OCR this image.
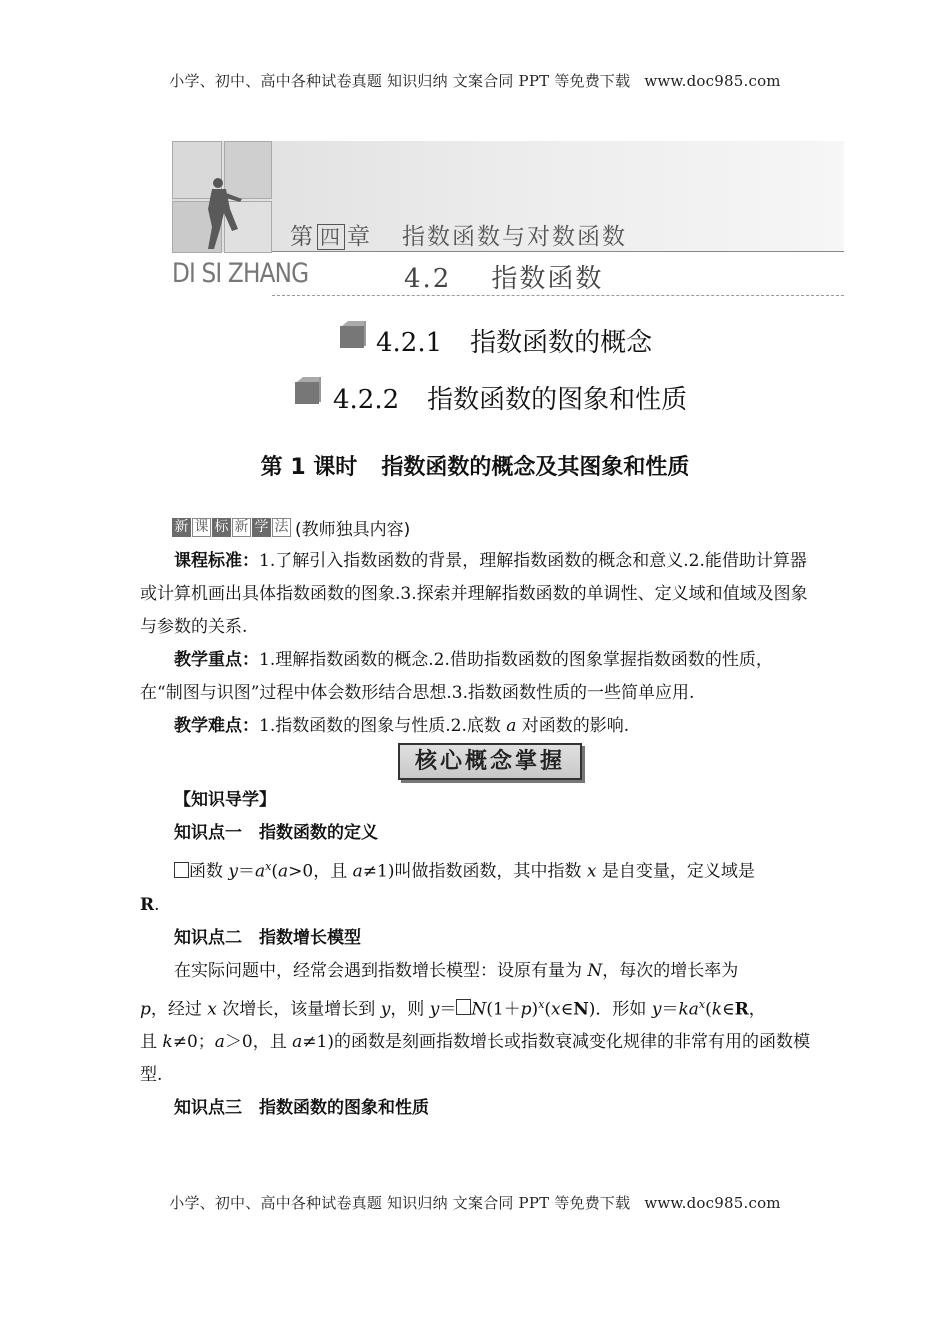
小学、初中、高中各种试卷真题 知识归纳 文案合同 PPT 等免费下载 www.doc985.com
第 四 章 指数函数与对数函数
DI SI ZHANG	4.2 指数函数
4.2.1 指数函数的概念
4.2.2 指数函数的图象和性质
第 1 课时 指数函数的概念及其图象和性质
新 课 标 新 学 法 (教师独具内容)

课程标准：1.了解引入指数函数的背景，理解指数函数的概念和意义.2.能借助计算器或计算机画出具体指数函数的图象.3.探索并理解指数函数的单调性、定义域和值域及图象与参数的关系.

教学重点：1.理解指数函数的概念.2.借助指数函数的图象掌握指数函数的性质，在“制图与识图”过程中体会数形结合思想.3.指数函数性质的一些简单应用.

教学难点：1.指数函数的图象与性质.2.底数 a 对函数的影响.

核心概念掌握

【知识导学】

知识点一　指数函数的定义

函数 $y=a^x(a>0$，且 a≠1)叫做指数函数，其中指数 x 是自变量，定义域是
R.

知识点二　指数增长模型

在实际问题中，经常会遇到指数增长模型：设原有量为 N，每次的增长率为
p，经过 x 次增长，该量增长到 y，则 $y= N(1+p)^x(x\in N)$．形如 $y=ka^x(k\in R$，
且 k≠0；a＞0，且 a≠1)的函数是刻画指数增长或指数衰减变化规律的非常有用的函数模型.

知识点三　指数函数的图象和性质

小学、初中、高中各种试卷真题 知识归纳 文案合同 PPT 等免费下载 www.doc985.com
